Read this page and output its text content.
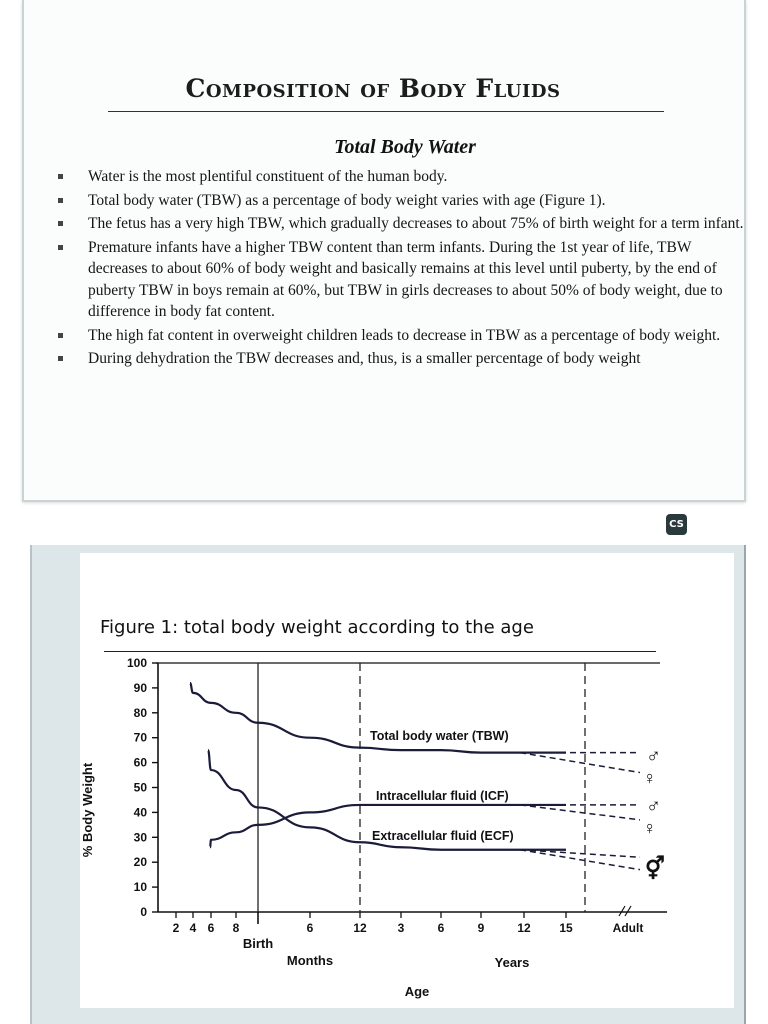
Composition of Body Fluids
Total Body Water
Water is the most plentiful constituent of the human body.
Total body water (TBW) as a percentage of body weight varies with age (Figure 1).
The fetus has a very high TBW, which gradually decreases to about 75% of birth weight for a term infant.
Premature infants have a higher TBW content than term infants. During the 1st year of life, TBW decreases to about 60% of body weight and basically remains at this level until puberty, by the end of puberty TBW in boys remain at 60%, but TBW in girls decreases to about 50% of body weight, due to difference in body fat content.
The high fat content in overweight children leads to decrease in TBW as a percentage of body weight.
During dehydration the TBW decreases and, thus, is a smaller percentage of body weight
CS
Figure 1: total body weight according to the age
0
10
20
30
40
50
60
70
80
90
100
% Body Weight
2 4 6 8	6	12	3	6	9	12 15	Adult
Birth
Months	Years
Age
Total body water (TBW)
Intracellular fluid (ICF)
Extracellular fluid (ECF)
♂
♀
♂
♀
⚥
